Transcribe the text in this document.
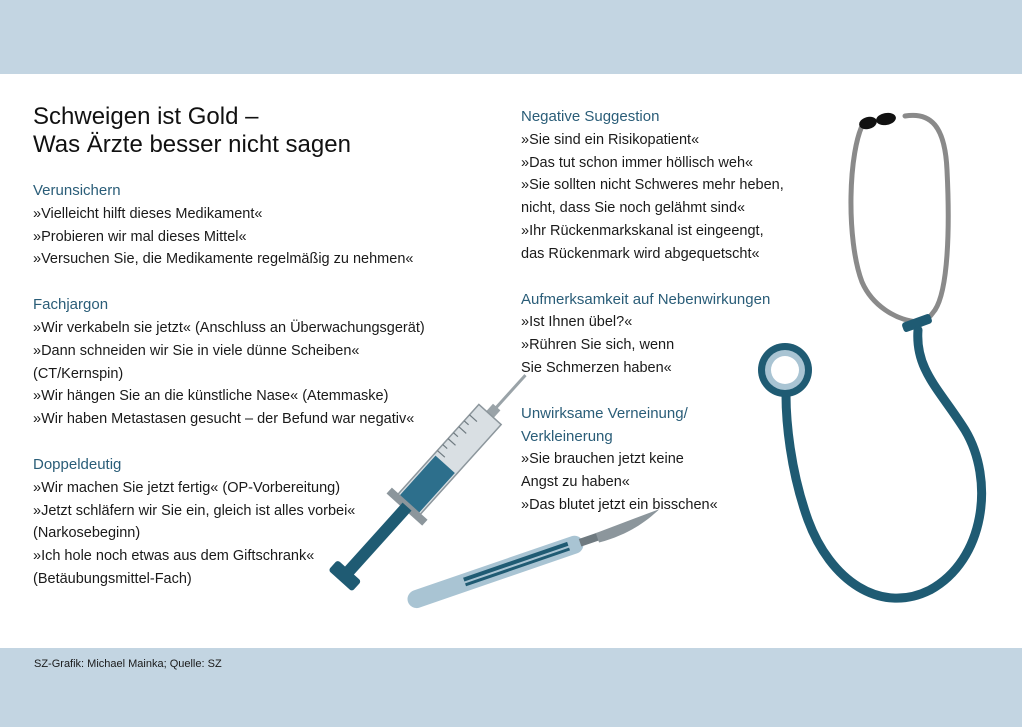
Schweigen ist Gold –
Was Ärzte besser nicht sagen
Verunsichern
»Vielleicht hilft dieses Medikament«
»Probieren wir mal dieses Mittel«
»Versuchen Sie, die Medikamente regelmäßig zu nehmen«
Fachjargon
»Wir verkabeln sie jetzt« (Anschluss an Überwachungsgerät)
»Dann schneiden wir Sie in viele dünne Scheiben«
(CT/Kernspin)
»Wir hängen Sie an die künstliche Nase« (Atemmaske)
»Wir haben Metastasen gesucht – der Befund war negativ«
Doppeldeutig
»Wir machen Sie jetzt fertig« (OP-Vorbereitung)
»Jetzt schläfern wir Sie ein, gleich ist alles vorbei«
(Narkosebeginn)
»Ich hole noch etwas aus dem Giftschrank«
(Betäubungsmittel-Fach)
Negative Suggestion
»Sie sind ein Risikopatient«
»Das tut schon immer höllisch weh«
»Sie sollten nicht Schweres mehr heben,
nicht, dass Sie noch gelähmt sind«
»Ihr Rückenmarkskanal ist eingeengt,
das Rückenmark wird abgequetscht«
Aufmerksamkeit auf Nebenwirkungen
»Ist Ihnen übel?«
»Rühren Sie sich, wenn
Sie Schmerzen haben«
Unwirksame Verneinung/
Verkleinerung
»Sie brauchen jetzt keine
Angst zu haben«
»Das blutet jetzt ein bisschen«
SZ-Grafik: Michael Mainka; Quelle: SZ
